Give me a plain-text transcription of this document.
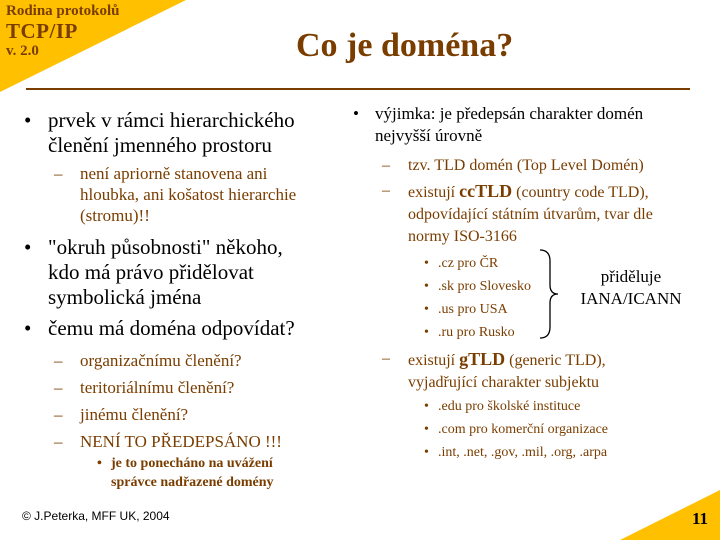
Rodina protokolů
TCP/IP
v. 2.0	Co je doména?
• prvek v rámci hierarchického
členění jmenného prostoru
– není apriorně stanovena ani
hloubka, ani košatost hierarchie
(stromu)!!
• "okruh působnosti" někoho,
kdo má právo přidělovat
symbolická jména
• čemu má doména odpovídat?
– organizačnímu členění?
– teritoriálnímu členění?
– jinému členění?
– NENÍ TO PŘEDEPSÁNO !!!
• je to ponecháno na uvážení
správce nadřazené domény
• výjimka: je předepsán charakter domén
nejvyšší úrovně
– tzv. TLD domén (Top Level Domén)
– existují ccTLD (country code TLD),
odpovídající státním útvarům, tvar dle
normy ISO-3166
• .cz pro ČR
• .sk pro Slovesko
• .us pro USA
• .ru pro Rusko
přiděluje
IANA/ICANN
– existují gTLD (generic TLD),
vyjadřující charakter subjektu
• .edu pro školské instituce
• .com pro komerční organizace
• .int, .net, .gov, .mil, .org, .arpa
© J.Peterka, MFF UK, 2004	11
